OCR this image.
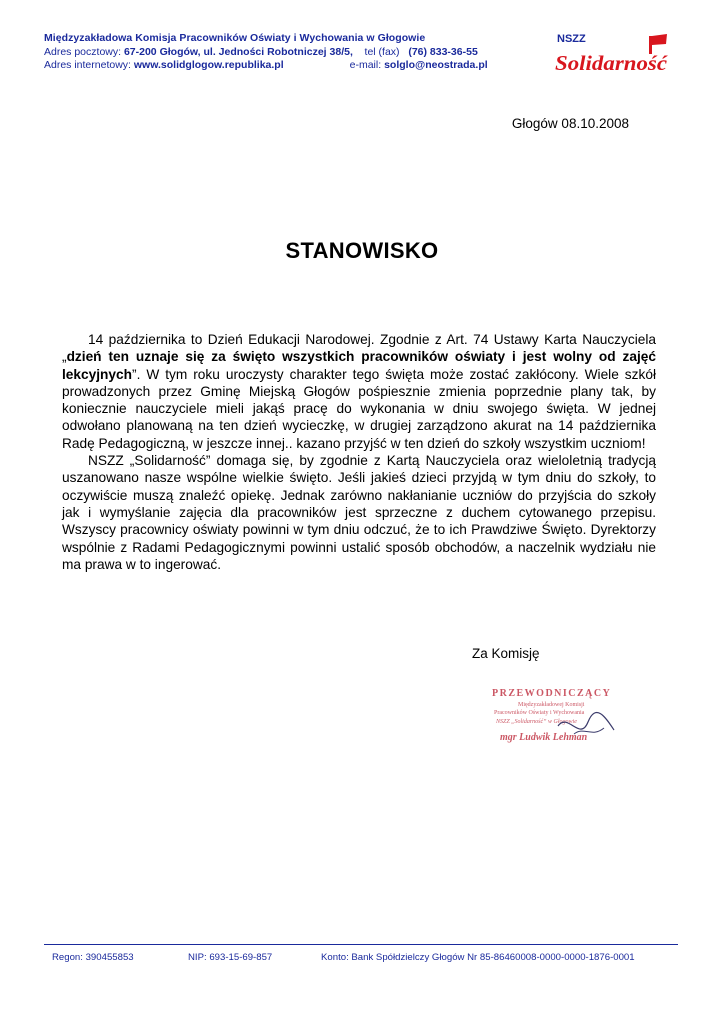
Międzyzakładowa Komisja Pracowników Oświaty i Wychowania w Głogowie
Adres pocztowy: 67-200 Głogów, ul. Jedności Robotniczej 38/5, tel (fax) (76) 833-36-55
Adres internetowy: www.solidglogow.republika.pl	e-mail: solglo@neostrada.pl
NSZZ
Solidarność
Głogów 08.10.2008
STANOWISKO

14 października to Dzień Edukacji Narodowej. Zgodnie z Art. 74 Ustawy Karta Nauczyciela „dzień ten uznaje się za święto wszystkich pracowników oświaty i jest wolny od zajęć lekcyjnych”. W tym roku uroczysty charakter tego święta może zostać zakłócony. Wiele szkół prowadzonych przez Gminę Miejską Głogów pośpiesznie zmienia poprzednie plany tak, by koniecznie nauczyciele mieli jakąś pracę do wykonania w dniu swojego święta. W jednej odwołano planowaną na ten dzień wycieczkę, w drugiej zarządzono akurat na 14 października Radę Pedagogiczną, w jeszcze innej.. kazano przyjść w ten dzień do szkoły wszystkim uczniom!

NSZZ „Solidarność” domaga się, by zgodnie z Kartą Nauczyciela oraz wieloletnią tradycją uszanowano nasze wspólne wielkie święto. Jeśli jakieś dzieci przyjdą w tym dniu do szkoły, to oczywiście muszą znaleźć opiekę. Jednak zarówno nakłanianie uczniów do przyjścia do szkoły jak i wymyślanie zajęcia dla pracowników jest sprzeczne z duchem cytowanego przepisu. Wszyscy pracownicy oświaty powinni w tym dniu odczuć, że to ich Prawdziwe Święto. Dyrektorzy wspólnie z Radami Pedagogicznymi powinni ustalić sposób obchodów, a naczelnik wydziału nie ma prawa w to ingerować.

Za Komisję
PRZEWODNICZĄCY
Międzyzakładowej Komisji
Pracowników Oświaty i Wychowania
NSZZ „Solidarność” w Głogowie
mgr Ludwik Lehman
Regon: 390455853	NIP: 693-15-69-857	Konto: Bank Spółdzielczy Głogów Nr 85-86460008-0000-0000-1876-0001
